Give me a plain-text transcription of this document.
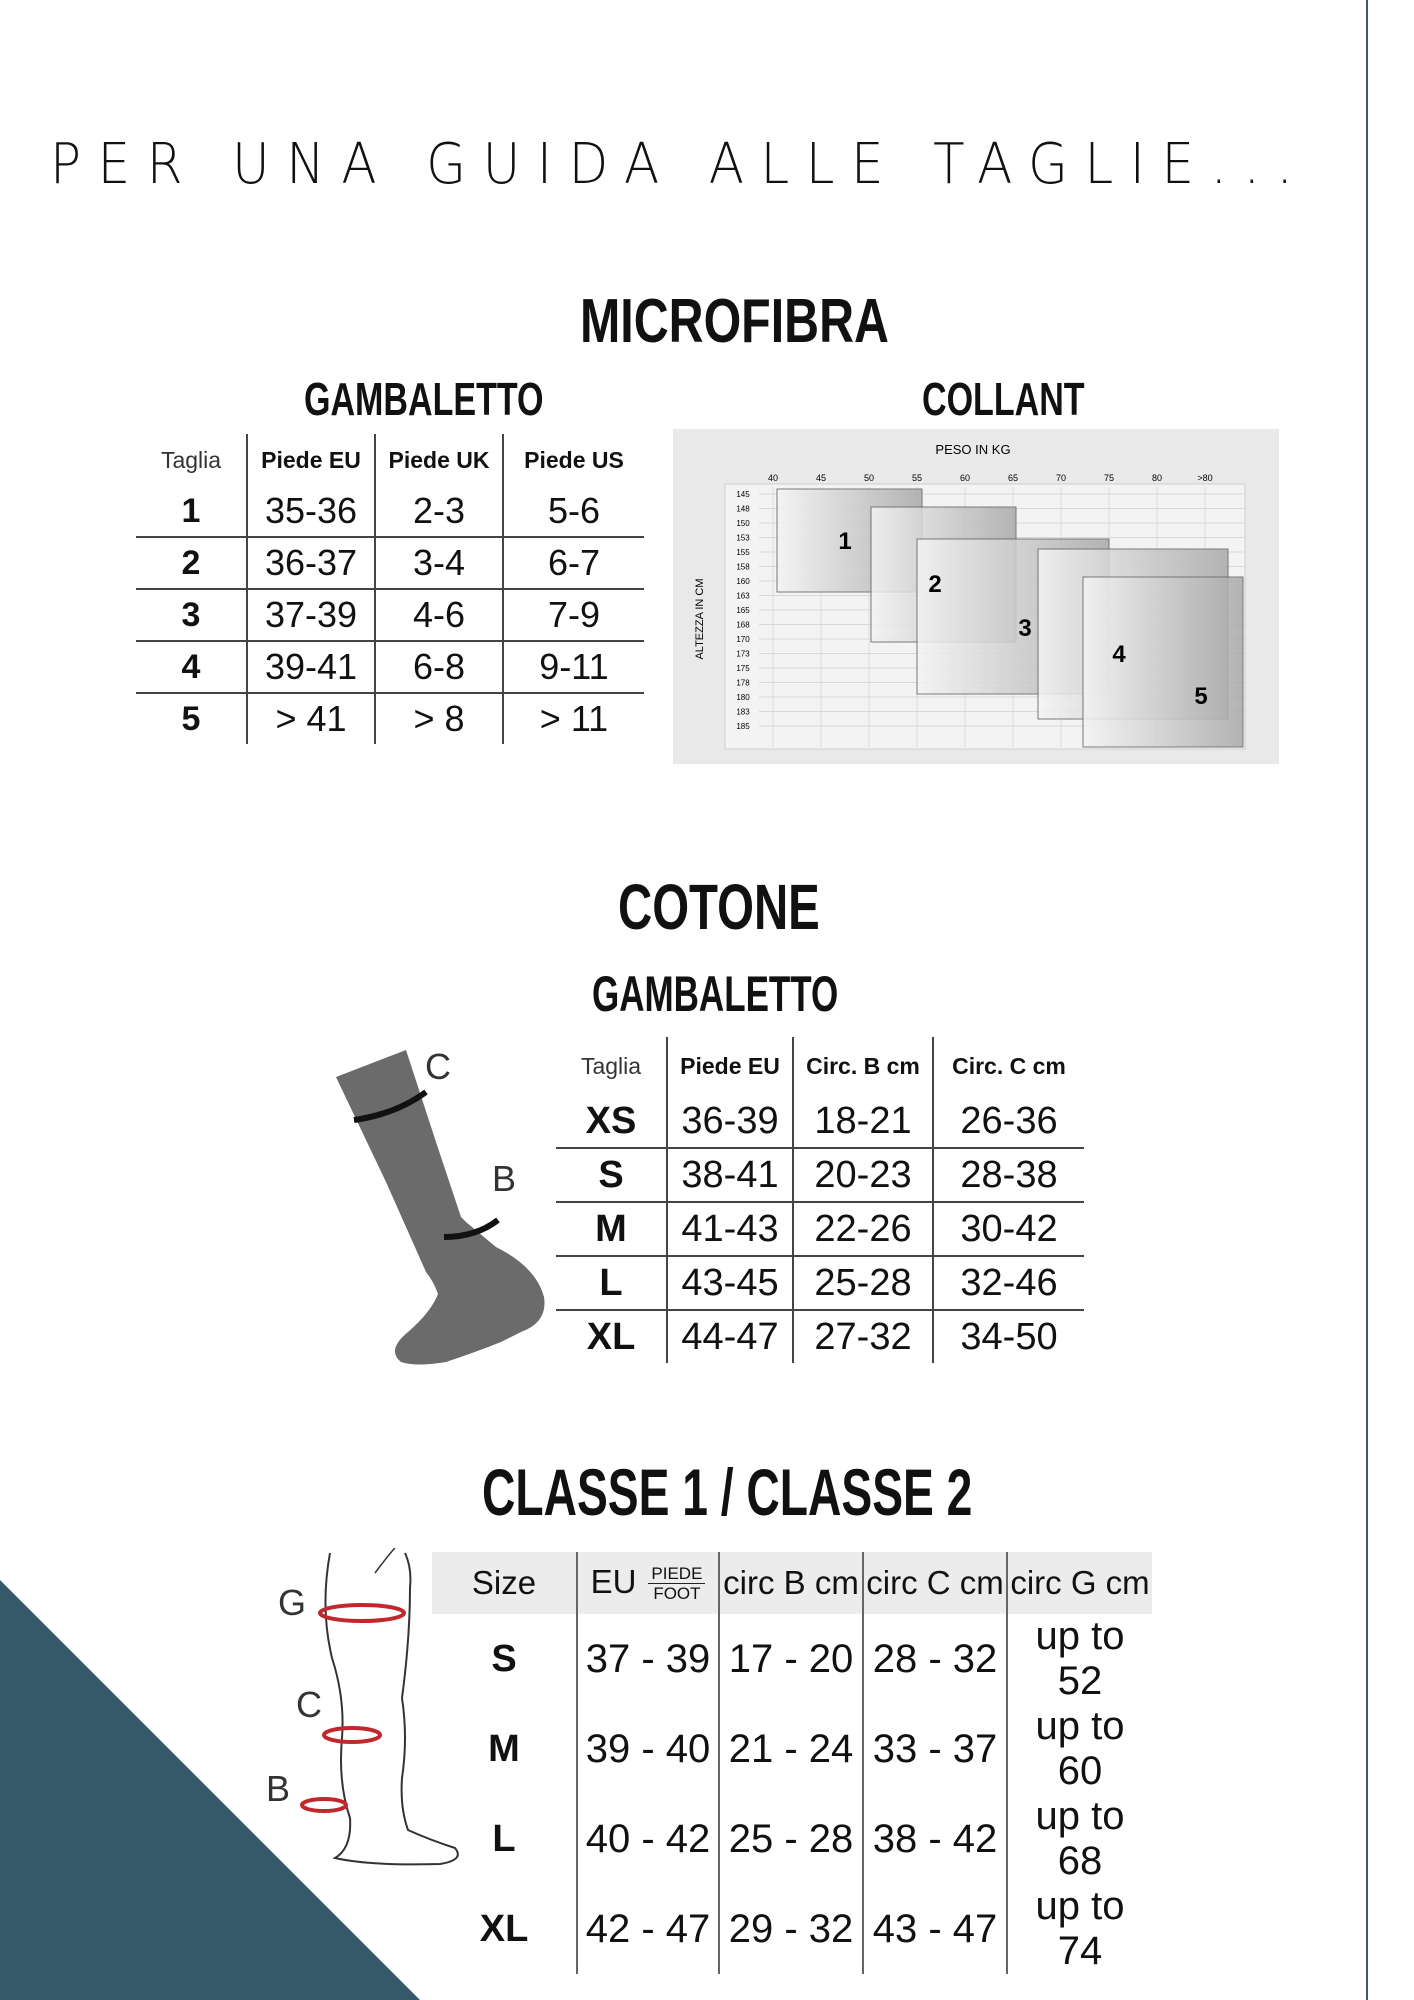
PER UNA GUIDA ALLE TAGLIE...
MICROFIBRA
GAMBALETTO	COLLANT
Taglia	Piede EU	Piede UK	Piede US
1	35-36	2-3	5-6
2	36-37	3-4	6-7
3	37-39	4-6	7-9
4	39-41	6-8	9-11
5	> 41	> 8	> 11
PESO IN KG
ALTEZZA IN CM
40	45	50	55	60	65	70	75	80	>80
145
148
150
153
155
158
160
163
165
168
170
173
175
178
180
183
185
1
2
3
4
5
COTONE
GAMBALETTO
C
B
Taglia	Piede EU	Circ. B cm	Circ. C cm
XS	36-39	18-21	26-36
S	38-41	20-23	28-38
M	41-43	22-26	30-42
L	43-45	25-28	32-46
XL	44-47	27-32	34-50
CLASSE 1 / CLASSE 2
G
C
B
Size	EU $\frac{\text{PIEDE}}{\text{FOOT}}$	circ B cm	circ C cm	circ G cm
S	37 - 39	17 - 20	28 - 32	up to 52
M	39 - 40	21 - 24	33 - 37	up to 60
L	40 - 42	25 - 28	38 - 42	up to 68
XL	42 - 47	29 - 32	43 - 47	up to 74
